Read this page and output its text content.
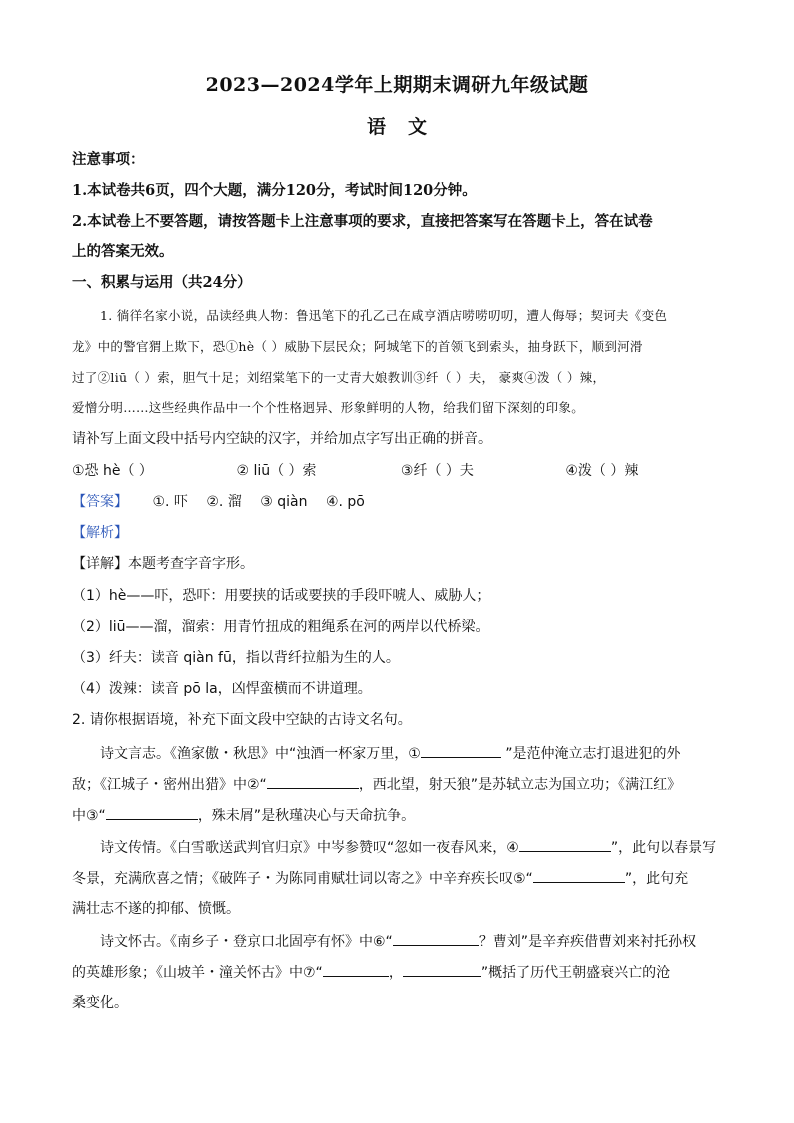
2023—2024学年上期期末调研九年级试题
语 文
注意事项：
1.本试卷共6页，四个大题，满分120分，考试时间120分钟。
2.本试卷上不要答题，请按答题卡上注意事项的要求，直接把答案写在答题卡上，答在试卷
上的答案无效。
一、积累与运用（共24分）
1. 徜徉名家小说，品读经典人物：鲁迅笔下的孔乙己在咸亨酒店唠唠叨叨，遭人侮辱；契诃夫《变色
龙》中的警官猬上欺下，恐①hè（ ）威胁下层民众；阿城笔下的首领飞到索头，抽身跃下，顺到河滑
过了②liū（ ）索，胆气十足；刘绍棠笔下的一丈青大娘教训③纤（ ）夫， 豪爽④泼（ ）辣，
爱憎分明……这些经典作品中一个个性格迥异、形象鲜明的人物，给我们留下深刻的印象。
请补写上面文段中括号内空缺的汉字，并给加点字写出正确的拼音。
①恐 hè（ ）	② liū（ ）索	③纤（ ）夫	④泼（ ）辣
【答案】 ①. 吓 ②. 溜 ③ qiàn ④. pō
【解析】
【详解】本题考查字音字形。
（1）hè——吓，恐吓：用要挟的话或要挟的手段吓唬人、威胁人；
（2）liū——溜，溜索：用青竹扭成的粗绳系在河的两岸以代桥梁。
（3）纤夫：读音 qiàn fū，指以背纤拉船为生的人。
（4）泼辣：读音 pō la，凶悍蛮横而不讲道理。
2. 请你根据语境，补充下面文段中空缺的古诗文名句。
诗文言志。《渔家傲・秋思》中“浊酒一杯家万里，①	”是范仲淹立志打退进犯的外
敌；《江城子・密州出猎》中②“	，西北望，射天狼”是苏轼立志为国立功；《满江红》
中③“	，殊未屑”是秋瑾决心与天命抗争。
诗文传情。《白雪歌送武判官归京》中岑参赞叹“忽如一夜春风来，④	”，此句以春景写
冬景，充满欣喜之情；《破阵子・为陈同甫赋壮词以寄之》中辛弃疾长叹⑤“	”，此句充
满壮志不遂的抑郁、愤慨。
诗文怀古。《南乡子・登京口北固亭有怀》中⑥“	？曹刘”是辛弃疾借曹刘来衬托孙权
的英雄形象；《山坡羊・潼关怀古》中⑦“	，	”概括了历代王朝盛衰兴亡的沧
桑变化。
